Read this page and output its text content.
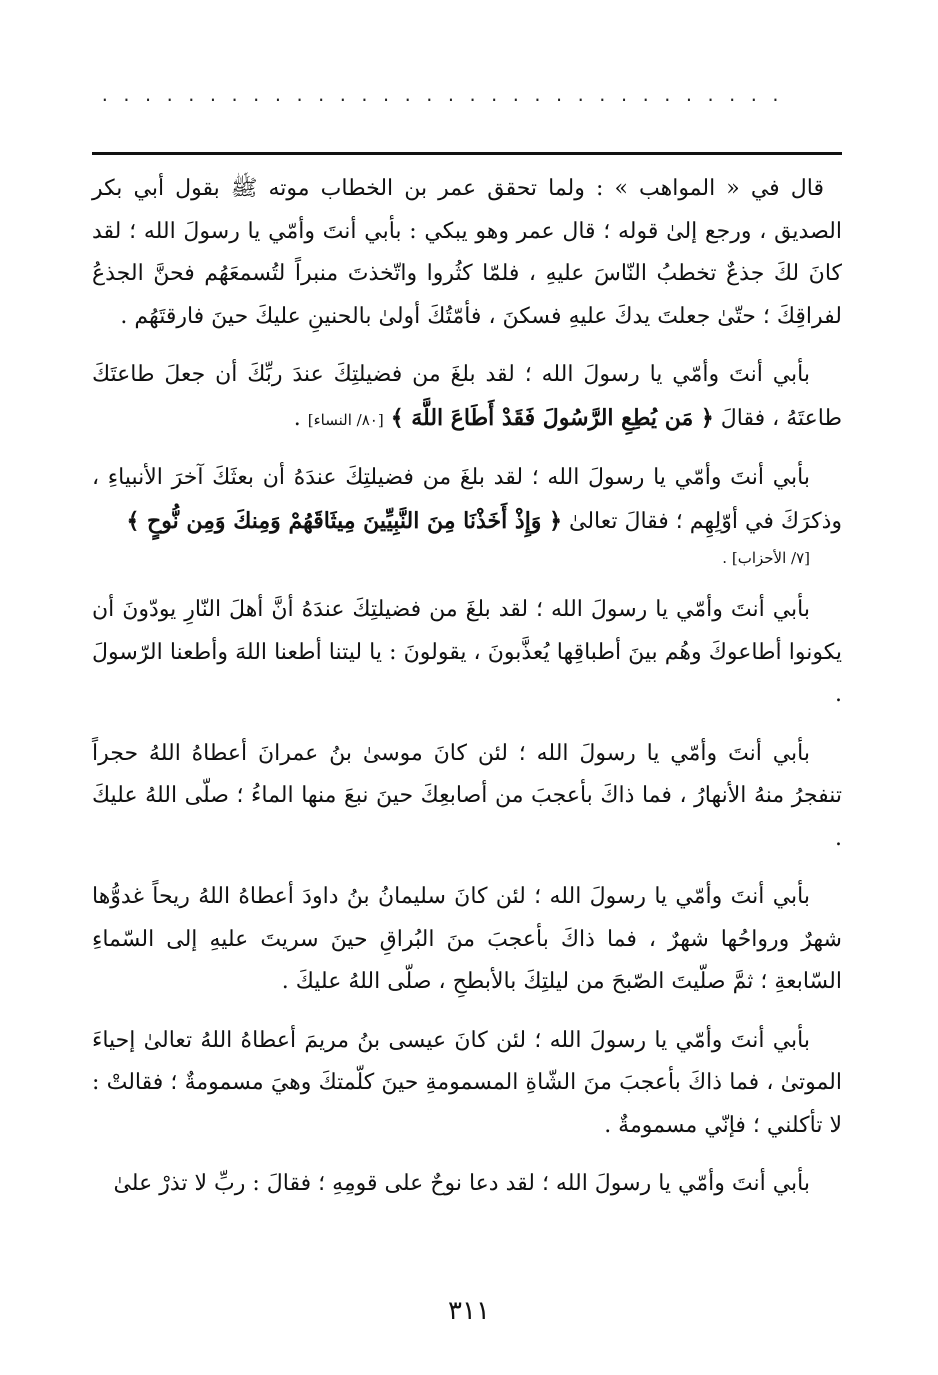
................................

قال في « المواهب » : ولما تحقق عمر بن الخطاب موته ﷺ بقول أبي بكر الصديق ، ورجع إلىٰ قوله ؛ قال عمر وهو يبكي : بأبي أنتَ وأمّي يا رسولَ الله ؛ لقد كانَ لكَ جذعٌ تخطبُ النّاسَ عليهِ ، فلمّا كثُروا واتّخذتَ منبراً لتُسمعَهُم فحنَّ الجذعُ لفراقِكَ ؛ حتّىٰ جعلتَ يدكَ عليهِ فسكنَ ، فأمّتُكَ أولىٰ بالحنينِ عليكَ حينَ فارقتَهُم .

بأبي أنتَ وأمّي يا رسولَ الله ؛ لقد بلغَ من فضيلتِكَ عندَ ربِّكَ أن جعلَ طاعتَكَ طاعتَهُ ، فقالَ ﴿ مَن يُطِعِ الرَّسُولَ فَقَدْ أَطَاعَ اللَّهَ ﴾ [٨٠/ النساء] .

بأبي أنتَ وأمّي يا رسولَ الله ؛ لقد بلغَ من فضيلتِكَ عندَهُ أن بعثَكَ آخرَ الأنبياءِ ، وذكرَكَ في أوّلِهِم ؛ فقالَ تعالىٰ ﴿ وَإِذْ أَخَذْنَا مِنَ النَّبِيِّينَ مِيثَاقَهُمْ وَمِنكَ وَمِن نُّوحٍ ﴾
[٧/ الأحزاب] .

بأبي أنتَ وأمّي يا رسولَ الله ؛ لقد بلغَ من فضيلتِكَ عندَهُ أنَّ أهلَ النّارِ يودّونَ أن يكونوا أطاعوكَ وهُم بينَ أطباقِها يُعذَّبونَ ، يقولونَ : يا ليتنا أطعنا اللهَ وأطعنا الرّسولَ .

بأبي أنتَ وأمّي يا رسولَ الله ؛ لئن كانَ موسىٰ بنُ عمرانَ أعطاهُ اللهُ حجراً تنفجرُ منهُ الأنهارُ ، فما ذاكَ بأعجبَ من أصابعِكَ حينَ نبعَ منها الماءُ ؛ صلّى اللهُ عليكَ .

بأبي أنتَ وأمّي يا رسولَ الله ؛ لئن كانَ سليمانُ بنُ داودَ أعطاهُ اللهُ ريحاً غدوُّها شهرٌ ورواحُها شهرٌ ، فما ذاكَ بأعجبَ منَ البُراقِ حينَ سريتَ عليهِ إلى السّماءِ السّابعةِ ؛ ثمَّ صلّيتَ الصّبحَ من ليلتِكَ بالأبطحِ ، صلّى اللهُ عليكَ .

بأبي أنتَ وأمّي يا رسولَ الله ؛ لئن كانَ عيسى بنُ مريمَ أعطاهُ اللهُ تعالىٰ إحياءَ الموتىٰ ، فما ذاكَ بأعجبَ منَ الشّاةِ المسمومةِ حينَ كلّمتكَ وهيَ مسمومةٌ ؛ فقالتْ : لا تأكلني ؛ فإنّي مسمومةٌ .

بأبي أنتَ وأمّي يا رسولَ الله ؛ لقد دعا نوحٌ على قومِهِ ؛ فقالَ : ربِّ لا تذرْ علىٰ

٣١١
